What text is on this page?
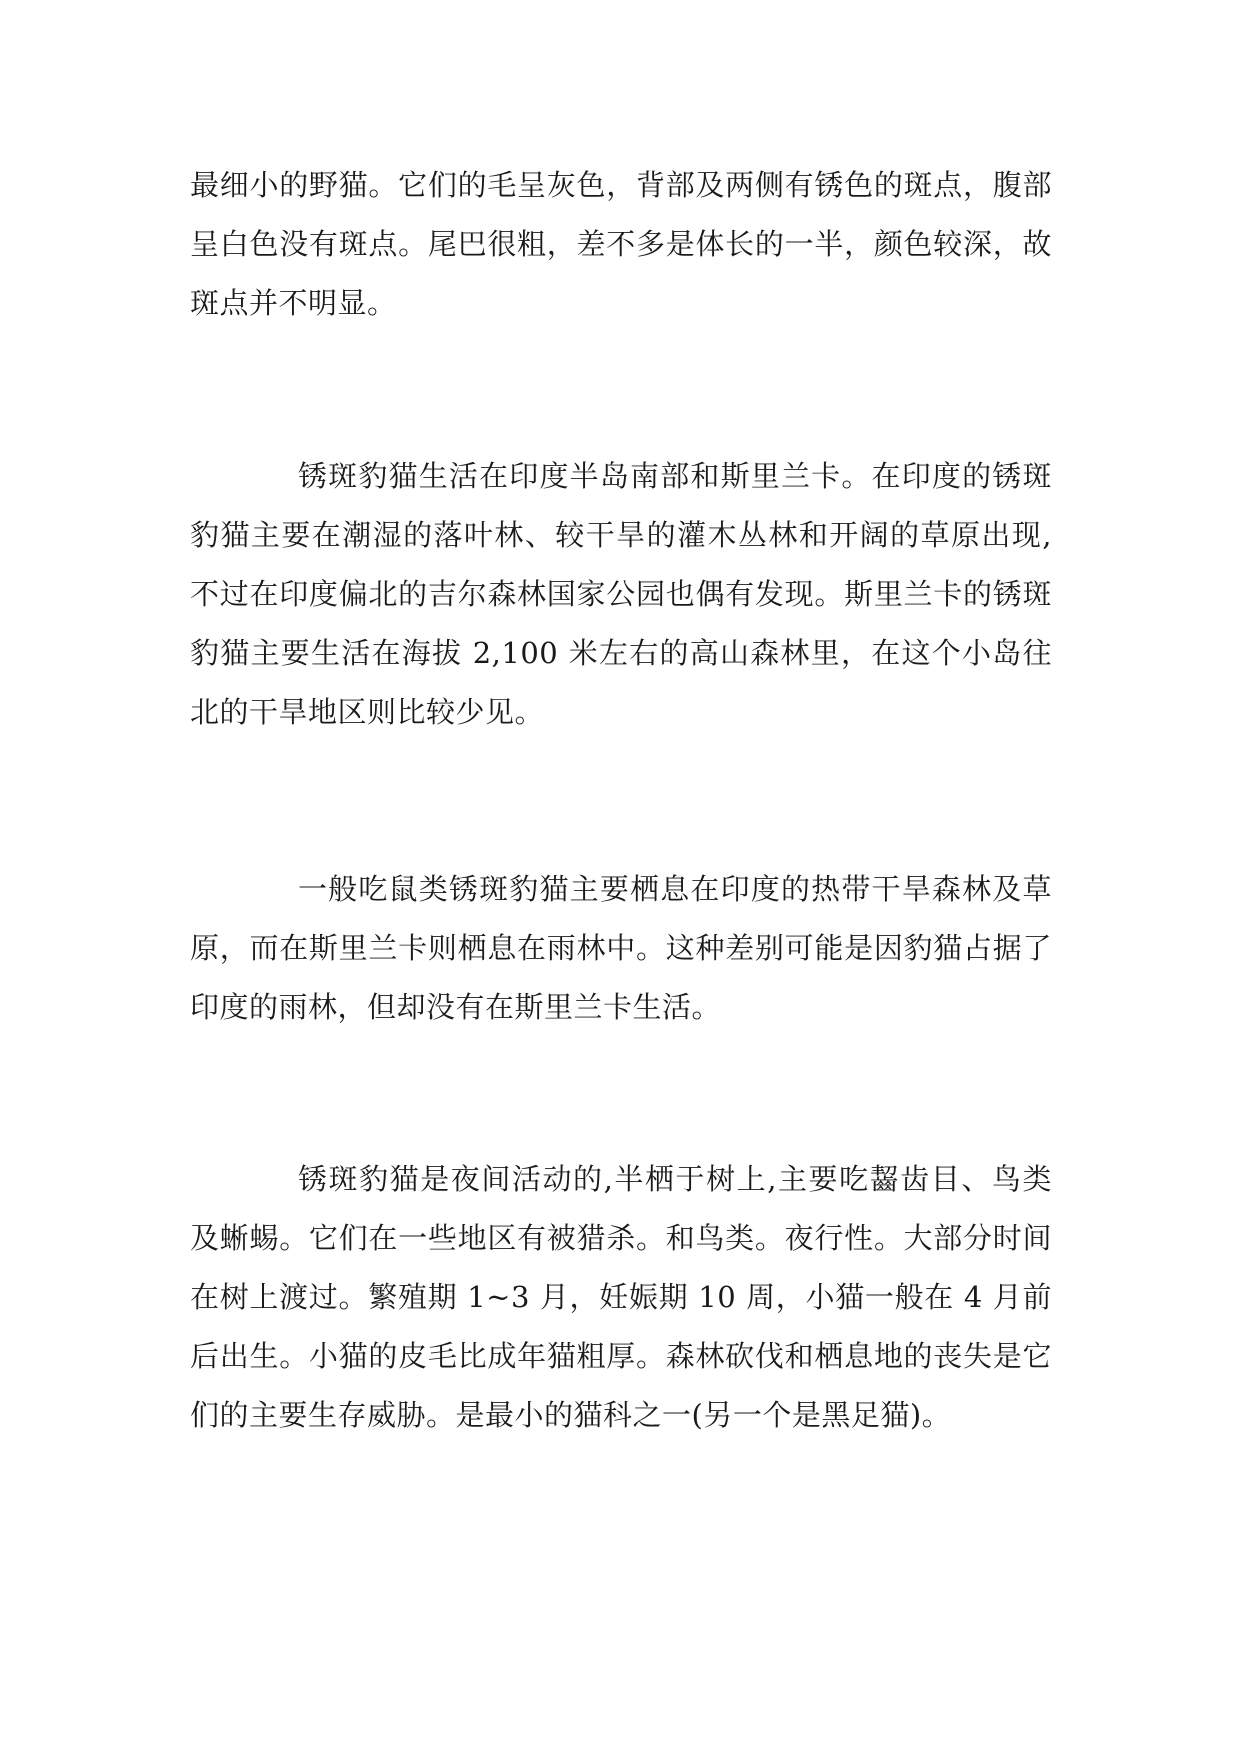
最细小的野猫。它们的毛呈灰色，背部及两侧有锈色的斑点，腹部呈白色没有斑点。尾巴很粗，差不多是体长的一半，颜色较深，故斑点并不明显。

锈斑豹猫生活在印度半岛南部和斯里兰卡。在印度的锈斑豹猫主要在潮湿的落叶林、较干旱的灌木丛林和开阔的草原出现,不过在印度偏北的吉尔森林国家公园也偶有发现。斯里兰卡的锈斑豹猫主要生活在海拔 2,100 米左右的高山森林里，在这个小岛往北的干旱地区则比较少见。

一般吃鼠类锈斑豹猫主要栖息在印度的热带干旱森林及草原，而在斯里兰卡则栖息在雨林中。这种差别可能是因豹猫占据了印度的雨林，但却没有在斯里兰卡生活。

锈斑豹猫是夜间活动的,半栖于树上,主要吃齧齿目、鸟类及蜥蜴。它们在一些地区有被猎杀。和鸟类。夜行性。大部分时间在树上渡过。繁殖期 1~3 月，妊娠期 10 周，小猫一般在 4 月前后出生。小猫的皮毛比成年猫粗厚。森林砍伐和栖息地的丧失是它们的主要生存威胁。是最小的猫科之一(另一个是黑足猫)。
